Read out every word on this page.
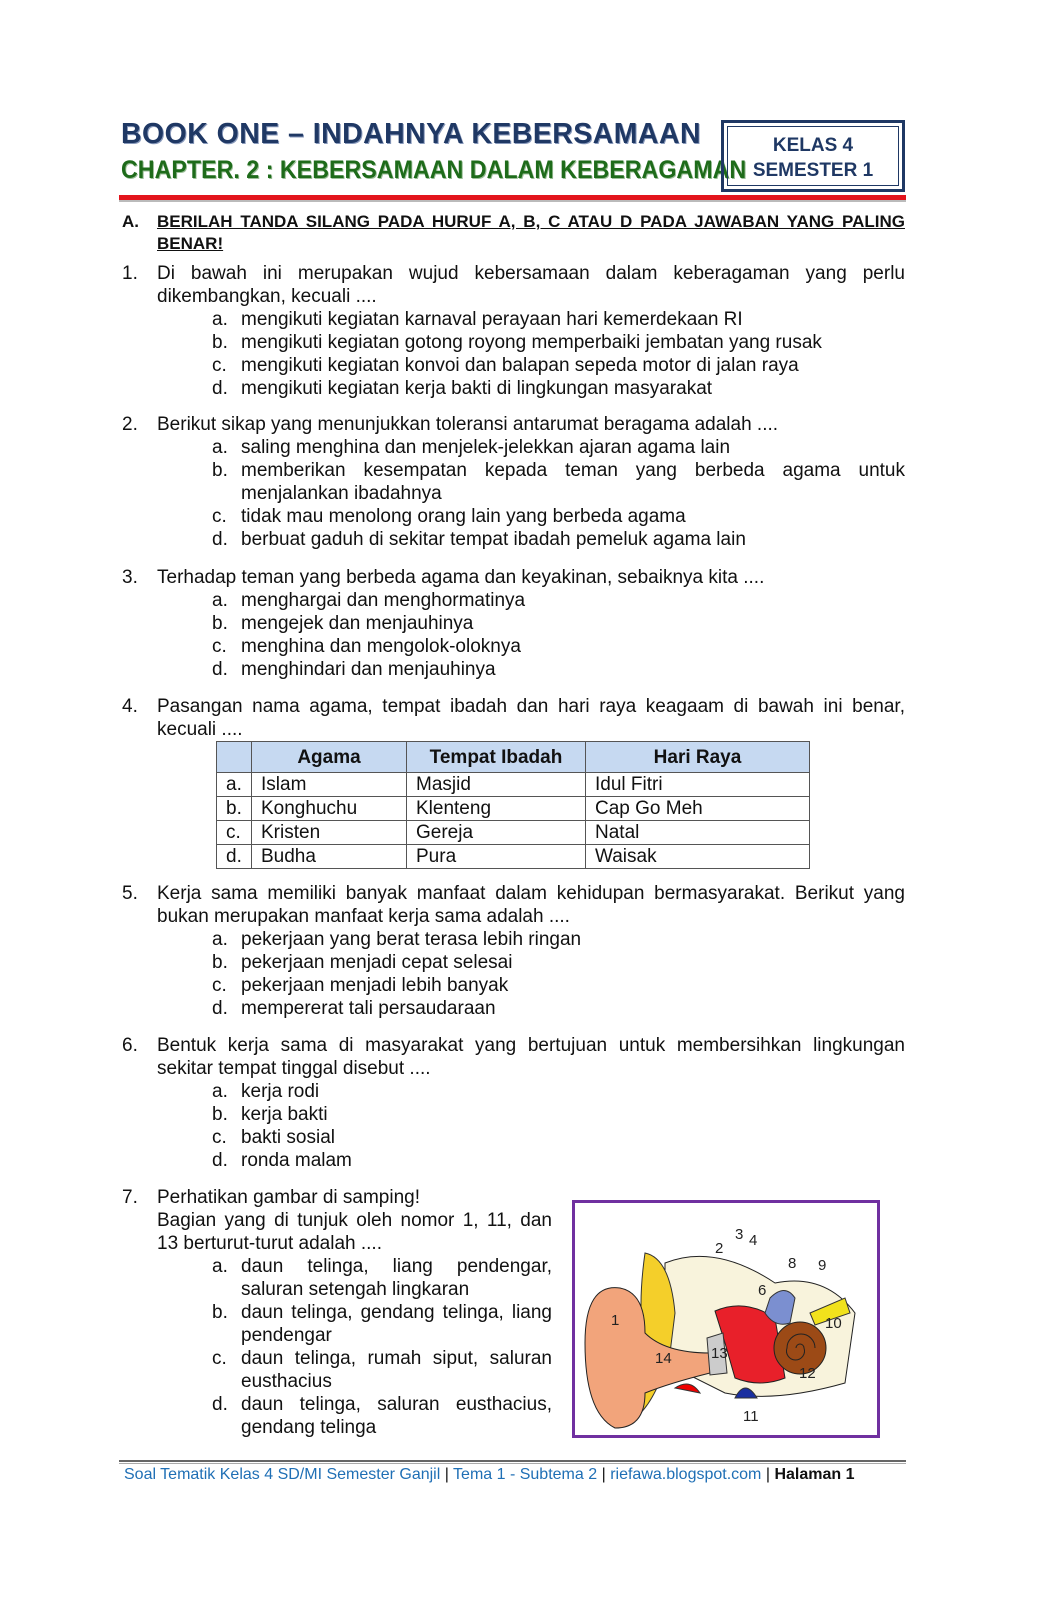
BOOK ONE – INDAHNYA KEBERSAMAAN
CHAPTER. 2 : KEBERSAMAAN DALAM KEBERAGAMAN
KELAS 4
SEMESTER 1
A. BERILAH TANDA SILANG PADA HURUF A, B, C ATAU D PADA JAWABAN YANG PALING BENAR!
1. Di bawah ini merupakan wujud kebersamaan dalam keberagaman yang perlu dikembangkan, kecuali ....
a. mengikuti kegiatan karnaval perayaan hari kemerdekaan RI
b. mengikuti kegiatan gotong royong memperbaiki jembatan yang rusak
c. mengikuti kegiatan konvoi dan balapan sepeda motor di jalan raya
d. mengikuti kegiatan kerja bakti di lingkungan masyarakat
2. Berikut sikap yang menunjukkan toleransi antarumat beragama adalah ....
a. saling menghina dan menjelek-jelekkan ajaran agama lain
b. memberikan kesempatan kepada teman yang berbeda agama untuk menjalankan ibadahnya
c. tidak mau menolong orang lain yang berbeda agama
d. berbuat gaduh di sekitar tempat ibadah pemeluk agama lain
3. Terhadap teman yang berbeda agama dan keyakinan, sebaiknya kita ....
a. menghargai dan menghormatinya
b. mengejek dan menjauhinya
c. menghina dan mengolok-oloknya
d. menghindari dan menjauhinya
4. Pasangan nama agama, tempat ibadah dan hari raya keagaam di bawah ini benar, kecuali ....
5. Kerja sama memiliki banyak manfaat dalam kehidupan bermasyarakat. Berikut yang bukan merupakan manfaat kerja sama adalah ....
a. pekerjaan yang berat terasa lebih ringan
b. pekerjaan menjadi cepat selesai
c. pekerjaan menjadi lebih banyak
d. mempererat tali persaudaraan
6. Bentuk kerja sama di masyarakat yang bertujuan untuk membersihkan lingkungan sekitar tempat tinggal disebut ....
a. kerja rodi
b. kerja bakti
c. bakti sosial
d. ronda malam
7. Perhatikan gambar di samping!
Bagian yang di tunjuk oleh nomor 1, 11, dan 13 berturut-turut adalah ....
a. daun telinga, liang pendengar, saluran setengah lingkaran
b. daun telinga, gendang telinga, liang pendengar
c. daun telinga, rumah siput, saluran eusthacius
d. daun telinga, saluran eusthacius, gendang telinga
	Agama	Tempat Ibadah	Hari Raya
a.	Islam	Masjid	Idul Fitri
b.	Konghuchu	Klenteng	Cap Go Meh
c.	Kristen	Gereja	Natal
d.	Budha	Pura	Waisak
1
2
3 4
6
8 9
10
11
12
13
14
Soal Tematik Kelas 4 SD/MI Semester Ganjil | Tema 1 - Subtema 2 | riefawa.blogspot.com | Halaman 1
